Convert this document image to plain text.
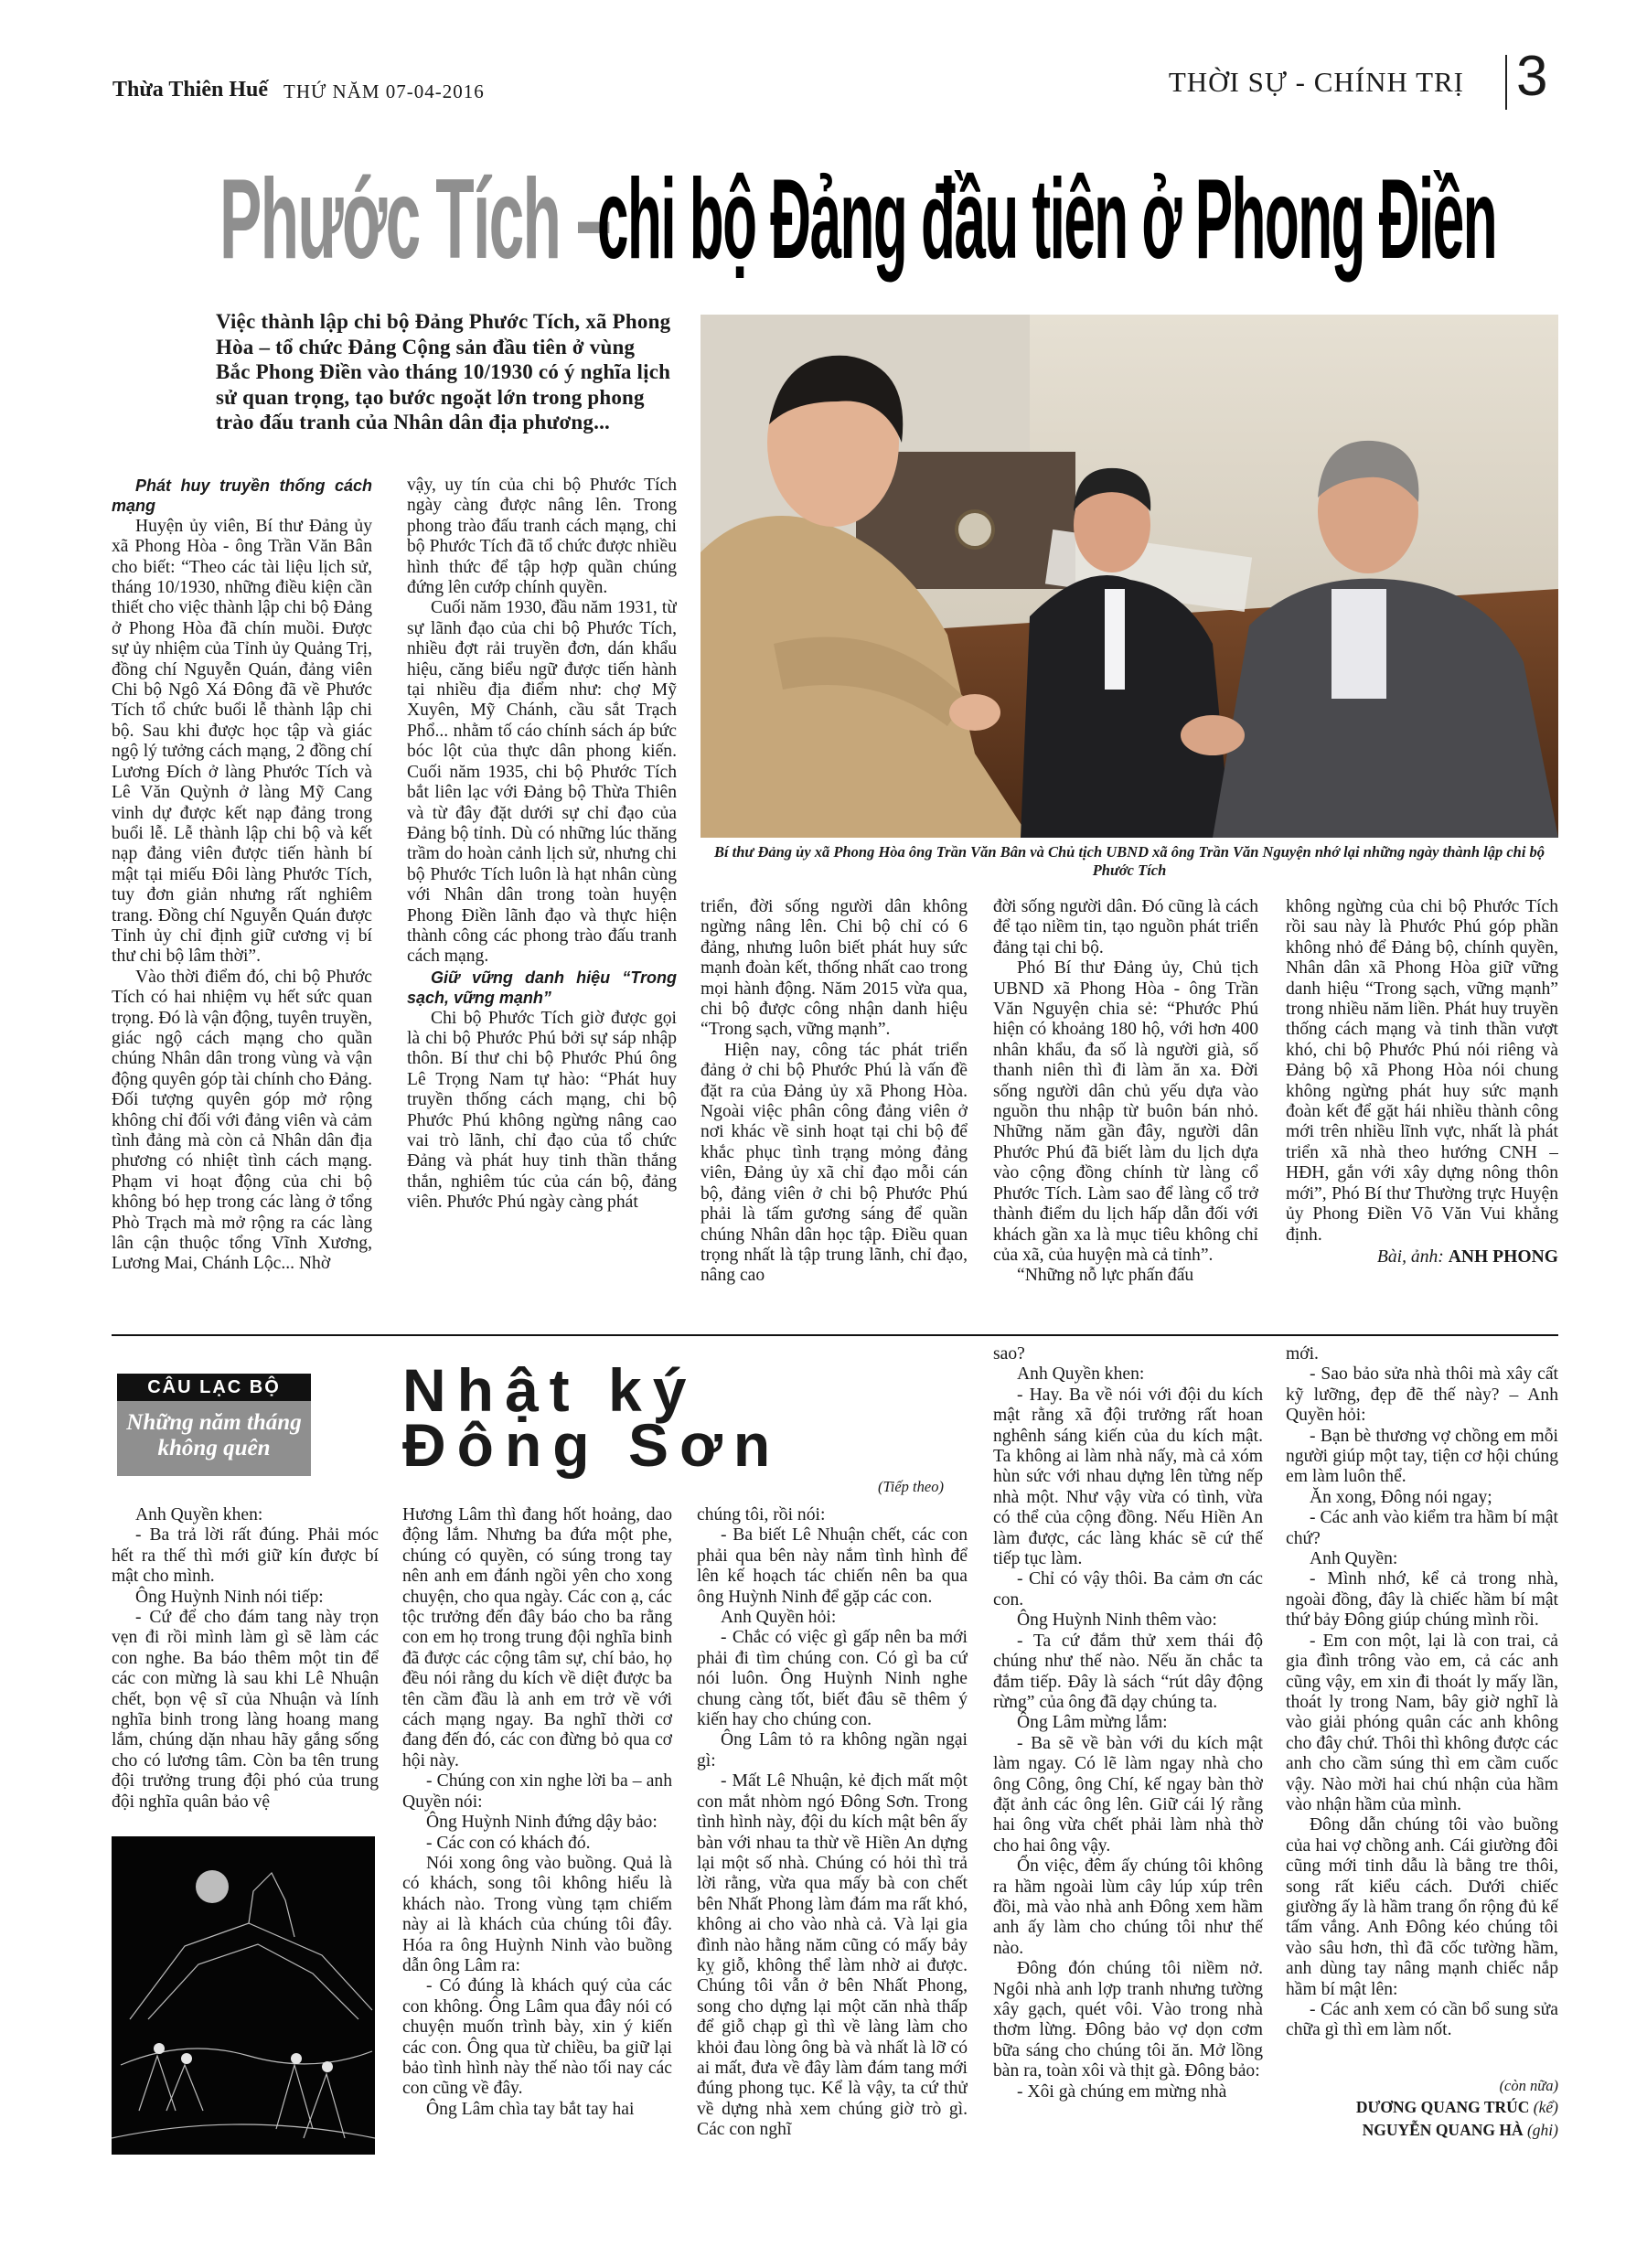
Thừa Thiên Huế THỨ NĂM 07-04-2016	THỜI SỰ - CHÍNH TRỊ 3
Phước Tích –
chi bộ Đảng đầu tiên ở Phong Điền
Việc thành lập chi bộ Đảng Phước Tích, xã Phong Hòa – tổ chức Đảng Cộng sản đầu tiên ở vùng Bắc Phong Điền vào tháng 10/1930 có ý nghĩa lịch sử quan trọng, tạo bước ngoặt lớn trong phong trào đấu tranh của Nhân dân địa phương...
Bí thư Đảng ủy xã Phong Hòa ông Trần Văn Bân và Chủ tịch UBND xã ông Trần Văn Nguyện nhớ lại những ngày thành lập chi bộ Phước Tích

Phát huy truyền thống cách mạng

Huyện ủy viên, Bí thư Đảng ủy xã Phong Hòa - ông Trần Văn Bân cho biết: “Theo các tài liệu lịch sử, tháng 10/1930, những điều kiện cần thiết cho việc thành lập chi bộ Đảng ở Phong Hòa đã chín muồi. Được sự ủy nhiệm của Tỉnh ủy Quảng Trị, đồng chí Nguyễn Quán, đảng viên Chi bộ Ngô Xá Đông đã về Phước Tích tổ chức buổi lễ thành lập chi bộ. Sau khi được học tập và giác ngộ lý tưởng cách mạng, 2 đồng chí Lương Đích ở làng Phước Tích và Lê Văn Quỳnh ở làng Mỹ Cang vinh dự được kết nạp đảng trong buổi lễ. Lễ thành lập chi bộ và kết nạp đảng viên được tiến hành bí mật tại miếu Đôi làng Phước Tích, tuy đơn giản nhưng rất nghiêm trang. Đồng chí Nguyễn Quán được Tỉnh ủy chỉ định giữ cương vị bí thư chi bộ lâm thời”.

Vào thời điểm đó, chi bộ Phước Tích có hai nhiệm vụ hết sức quan trọng. Đó là vận động, tuyên truyền, giác ngộ cách mạng cho quần chúng Nhân dân trong vùng và vận động quyên góp tài chính cho Đảng. Đối tượng quyên góp mở rộng không chỉ đối với đảng viên và cảm tình đảng mà còn cả Nhân dân địa phương có nhiệt tình cách mạng. Phạm vi hoạt động của chi bộ không bó hẹp trong các làng ở tổng Phò Trạch mà mở rộng ra các làng lân cận thuộc tổng Vĩnh Xương, Lương Mai, Chánh Lộc... Nhờ

vậy, uy tín của chi bộ Phước Tích ngày càng được nâng lên. Trong phong trào đấu tranh cách mạng, chi bộ Phước Tích đã tổ chức được nhiều hình thức để tập hợp quần chúng đứng lên cướp chính quyền.

Cuối năm 1930, đầu năm 1931, từ sự lãnh đạo của chi bộ Phước Tích, nhiều đợt rải truyền đơn, dán khẩu hiệu, căng biểu ngữ được tiến hành tại nhiều địa điểm như: chợ Mỹ Xuyên, Mỹ Chánh, cầu sắt Trạch Phổ... nhằm tố cáo chính sách áp bức bóc lột của thực dân phong kiến. Cuối năm 1935, chi bộ Phước Tích bắt liên lạc với Đảng bộ Thừa Thiên và từ đây đặt dưới sự chỉ đạo của Đảng bộ tỉnh. Dù có những lúc thăng trầm do hoàn cảnh lịch sử, nhưng chi bộ Phước Tích luôn là hạt nhân cùng với Nhân dân trong toàn huyện Phong Điền lãnh đạo và thực hiện thành công các phong trào đấu tranh cách mạng.

Giữ vững danh hiệu “Trong sạch, vững mạnh”

Chi bộ Phước Tích giờ được gọi là chi bộ Phước Phú bởi sự sáp nhập thôn. Bí thư chi bộ Phước Phú ông Lê Trọng Nam tự hào: “Phát huy truyền thống cách mạng, chi bộ Phước Phú không ngừng nâng cao vai trò lãnh, chỉ đạo của tổ chức Đảng và phát huy tinh thần thắng thắn, nghiêm túc của cán bộ, đảng viên. Phước Phú ngày càng phát

triển, đời sống người dân không ngừng nâng lên. Chi bộ chỉ có 6 đảng, nhưng luôn biết phát huy sức mạnh đoàn kết, thống nhất cao trong mọi hành động. Năm 2015 vừa qua, chi bộ được công nhận danh hiệu “Trong sạch, vững mạnh”.

Hiện nay, công tác phát triển đảng ở chi bộ Phước Phú là vấn đề đặt ra của Đảng ủy xã Phong Hòa. Ngoài việc phân công đảng viên ở nơi khác về sinh hoạt tại chi bộ để khắc phục tình trạng mỏng đảng viên, Đảng ủy xã chỉ đạo mỗi cán bộ, đảng viên ở chi bộ Phước Phú phải là tấm gương sáng để quần chúng Nhân dân học tập. Điều quan trọng nhất là tập trung lãnh, chỉ đạo, nâng cao

đời sống người dân. Đó cũng là cách để tạo niềm tin, tạo nguồn phát triển đảng tại chi bộ.

Phó Bí thư Đảng ủy, Chủ tịch UBND xã Phong Hòa - ông Trần Văn Nguyện chia sẻ: “Phước Phú hiện có khoảng 180 hộ, với hơn 400 nhân khẩu, đa số là người già, số thanh niên thì đi làm ăn xa. Đời sống người dân chủ yếu dựa vào nguồn thu nhập từ buôn bán nhỏ. Những năm gần đây, người dân Phước Phú đã biết làm du lịch dựa vào cộng đồng chính từ làng cổ Phước Tích. Làm sao để làng cổ trở thành điểm du lịch hấp dẫn đối với khách gần xa là mục tiêu không chỉ của xã, của huyện mà cả tỉnh”.

“Những nỗ lực phấn đấu

không ngừng của chi bộ Phước Tích rồi sau này là Phước Phú góp phần không nhỏ để Đảng bộ, chính quyền, Nhân dân xã Phong Hòa giữ vững danh hiệu “Trong sạch, vững mạnh” trong nhiều năm liền. Phát huy truyền thống cách mạng và tinh thần vượt khó, chi bộ Phước Phú nói riêng và Đảng bộ xã Phong Hòa nói chung không ngừng phát huy sức mạnh đoàn kết để gặt hái nhiều thành công mới trên nhiều lĩnh vực, nhất là phát triển xã nhà theo hướng CNH – HĐH, gắn với xây dựng nông thôn mới”, Phó Bí thư Thường trực Huyện ủy Phong Điền Võ Văn Vui khẳng định.

Bài, ảnh: ANH PHONG

CÂU LẠC BỘ
Những năm tháng không quên
Nhật ký
Đông Sơn
(Tiếp theo)

Anh Quyền khen:

- Ba trả lời rất đúng. Phải móc hết ra thế thì mới giữ kín được bí mật cho mình.

Ông Huỳnh Ninh nói tiếp:

- Cứ để cho đám tang này trọn vẹn đi rồi mình làm gì sẽ làm các con nghe. Ba báo thêm một tin để các con mừng là sau khi Lê Nhuận chết, bọn vệ sĩ của Nhuận và lính nghĩa binh trong làng hoang mang lắm, chúng dặn nhau hãy gắng sống cho có lương tâm. Còn ba tên trung đội trưởng trung đội phó của trung đội nghĩa quân bảo vệ

Hương Lâm thì đang hốt hoảng, dao động lắm. Nhưng ba đứa một phe, chúng có quyền, có súng trong tay nên anh em đánh ngồi yên cho xong chuyện, cho qua ngày. Các con ạ, các tộc trưởng đến đây báo cho ba rằng con em họ trong trung đội nghĩa binh đã được các cộng tâm sự, chí bảo, họ đều nói rằng du kích về diệt được ba tên cầm đầu là anh em trở về với cách mạng ngay. Ba nghĩ thời cơ đang đến đó, các con đừng bỏ qua cơ hội này.

- Chúng con xin nghe lời ba – anh Quyền nói:

Ông Huỳnh Ninh đứng dậy bảo:

- Các con có khách đó.

Nói xong ông vào buồng. Quả là có khách, song tôi không hiểu là khách nào. Trong vùng tạm chiếm này ai là khách của chúng tôi đây. Hóa ra ông Huỳnh Ninh vào buồng dẫn ông Lâm ra:

- Có đúng là khách quý của các con không. Ông Lâm qua đây nói có chuyện muốn trình bày, xin ý kiến các con. Ông qua từ chiều, ba giữ lại bảo tình hình này thế nào tối nay các con cũng về đây.

Ông Lâm chìa tay bắt tay hai

chúng tôi, rồi nói:

- Ba biết Lê Nhuận chết, các con phải qua bên này nắm tình hình để lên kế hoạch tác chiến nên ba qua ông Huỳnh Ninh để gặp các con.

Anh Quyền hỏi:

- Chắc có việc gì gấp nên ba mới phải đi tìm chúng con. Có gì ba cứ nói luôn. Ông Huỳnh Ninh nghe chung càng tốt, biết đâu sẽ thêm ý kiến hay cho chúng con.

Ông Lâm tỏ ra không ngần ngại gì:

- Mất Lê Nhuận, kẻ địch mất một con mắt nhòm ngó Đông Sơn. Trong tình hình này, đội du kích mật bên ấy bàn với nhau ta thừ về Hiền An dựng lại một số nhà. Chúng có hỏi thì trả lời rằng, vừa qua mấy bà con chết bên Nhất Phong làm đám ma rất khó, không ai cho vào nhà cả. Và lại gia đình nào hằng năm cũng có mấy bảy kỵ giỗ, không thể làm nhờ ai được. Chúng tôi vẫn ở bên Nhất Phong, song cho dựng lại một căn nhà thấp để giỗ chạp gì thì về làng làm cho khỏi đau lòng ông bà và nhất là lỡ có ai mất, đưa về đây làm đám tang mới đúng phong tục. Kể là vậy, ta cứ thử về dựng nhà xem chúng giờ trò gì. Các con nghĩ

sao?

Anh Quyền khen:

- Hay. Ba về nói với đội du kích mật rằng xã đội trưởng rất hoan nghênh sáng kiến của du kích mật. Ta không ai làm nhà nấy, mà cả xóm hùn sức với nhau dựng lên từng nếp nhà một. Như vậy vừa có tình, vừa có thể của cộng đồng. Nếu Hiền An làm được, các làng khác sẽ cứ thế tiếp tục làm.

- Chỉ có vậy thôi. Ba cảm ơn các con.

Ông Huỳnh Ninh thêm vào:

- Ta cứ đắm thử xem thái độ chúng như thế nào. Nếu ăn chắc ta đắm tiếp. Đây là sách “rút dây động rừng” của ông đã dạy chúng ta.

Ông Lâm mừng lắm:

- Ba sẽ về bàn với du kích mật làm ngay. Có lẽ làm ngay nhà cho ông Công, ông Chí, kế ngay bàn thờ đặt ảnh các ông lên. Giữ cái lý rằng hai ông vừa chết phải làm nhà thờ cho hai ông vậy.

Ổn việc, đêm ấy chúng tôi không ra hầm ngoài lùm cây lúp xúp trên đồi, mà vào nhà anh Đông xem hầm anh ấy làm cho chúng tôi như thế nào.

Đông đón chúng tôi niềm nở. Ngôi nhà anh lợp tranh nhưng tường xây gạch, quét vôi. Vào trong nhà thơm lừng. Đông bảo vợ dọn cơm bữa sáng cho chúng tôi ăn. Mở lồng bàn ra, toàn xôi và thịt gà. Đông bảo:

- Xôi gà chúng em mừng nhà

mới.

- Sao bảo sửa nhà thôi mà xây cất kỹ lưỡng, đẹp đẽ thế này? – Anh Quyền hỏi:

- Bạn bè thương vợ chồng em mỗi người giúp một tay, tiện cơ hội chúng em làm luôn thể.

Ăn xong, Đông nói ngay;

- Các anh vào kiểm tra hầm bí mật chứ?

Anh Quyền:

- Mình nhớ, kể cả trong nhà, ngoài đồng, đây là chiếc hầm bí mật thứ bảy Đông giúp chúng mình rồi.

- Em con một, lại là con trai, cả gia đình trông vào em, cả các anh cũng vậy, em xin đi thoát ly mấy lần, thoát ly trong Nam, bây giờ nghĩ là vào giải phóng quân các anh không cho đây chứ. Thôi thì không được các anh cho cầm súng thì em cầm cuốc vậy. Nào mời hai chú nhận của hầm vào nhận hầm của mình.

Đông dẫn chúng tôi vào buồng của hai vợ chồng anh. Cái giường đôi cũng mới tinh dẫu là bằng tre thôi, song rất kiểu cách. Dưới chiếc giường ấy là hầm trang ổn rộng đủ kế tấm vắng. Anh Đông kéo chúng tôi vào sâu hơn, thì đã cốc tường hầm, anh dùng tay nâng mạnh chiếc nắp hầm bí mật lên:

- Các anh xem có cần bổ sung sửa chữa gì thì em làm nốt.

(còn nữa)
DƯƠNG QUANG TRÚC (kể)
NGUYỄN QUANG HÀ (ghi)
